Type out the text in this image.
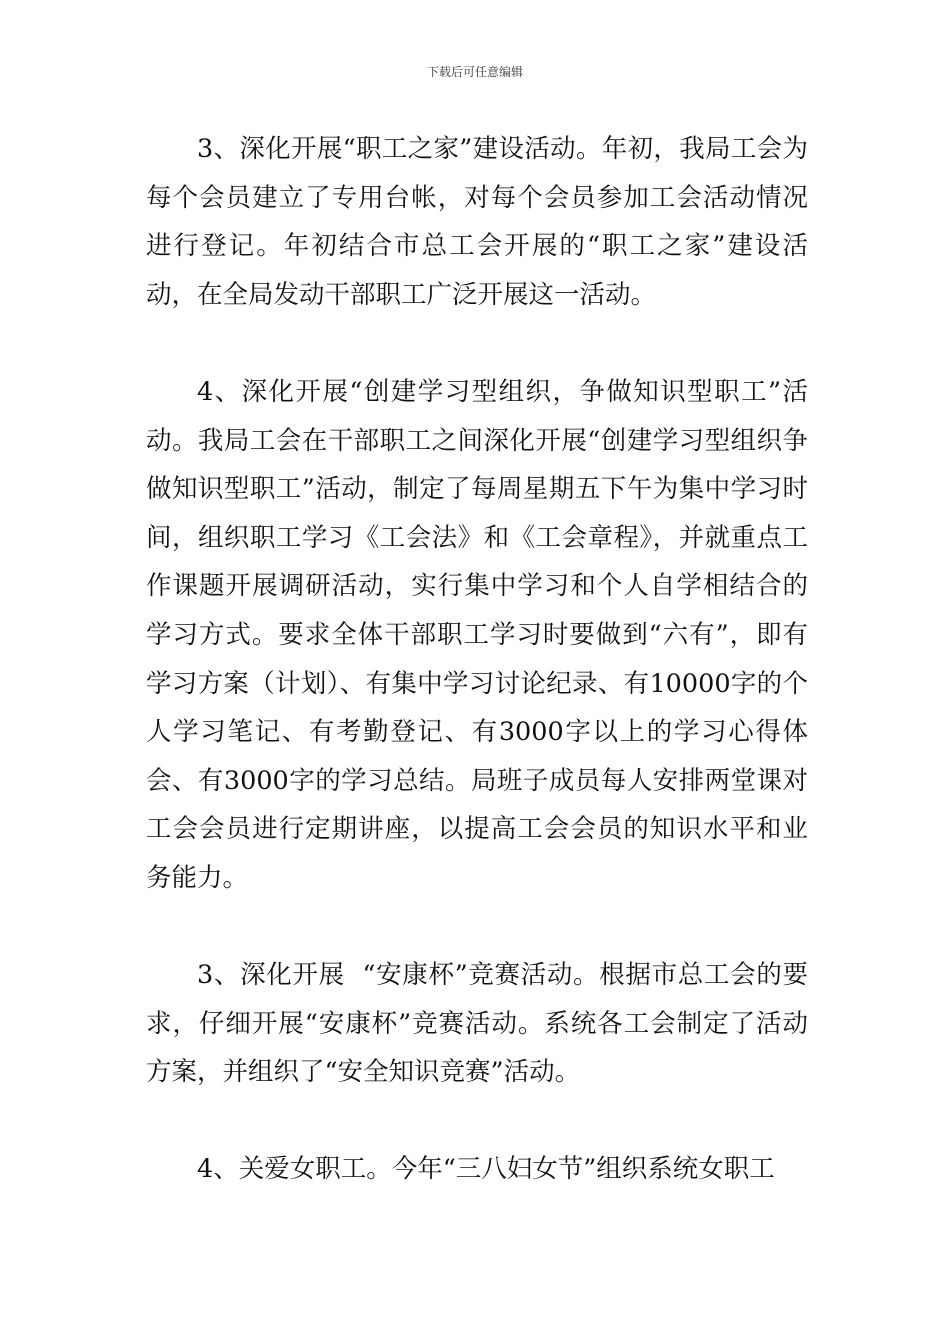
下载后可任意编辑

3、深化开展“职工之家”建设活动。年初，我局工会为每个会员建立了专用台帐，对每个会员参加工会活动情况进行登记。年初结合市总工会开展的“职工之家”建设活动，在全局发动干部职工广泛开展这一活动。

4、深化开展“创建学习型组织，争做知识型职工”活动。我局工会在干部职工之间深化开展“创建学习型组织争做知识型职工”活动，制定了每周星期五下午为集中学习时间，组织职工学习《工会法》和《工会章程》，并就重点工作课题开展调研活动，实行集中学习和个人自学相结合的学习方式。要求全体干部职工学习时要做到“六有”，即有学习方案（计划）、有集中学习讨论纪录、有10000字的个人学习笔记、有考勤登记、有3000字以上的学习心得体会、有3000字的学习总结。局班子成员每人安排两堂课对工会会员进行定期讲座，以提高工会会员的知识水平和业务能力。

3、深化开展  “安康杯”竞赛活动。根据市总工会的要求，仔细开展“安康杯”竞赛活动。系统各工会制定了活动方案，并组织了“安全知识竞赛”活动。

4、关爱女职工。今年“三八妇女节”组织系统女职工
